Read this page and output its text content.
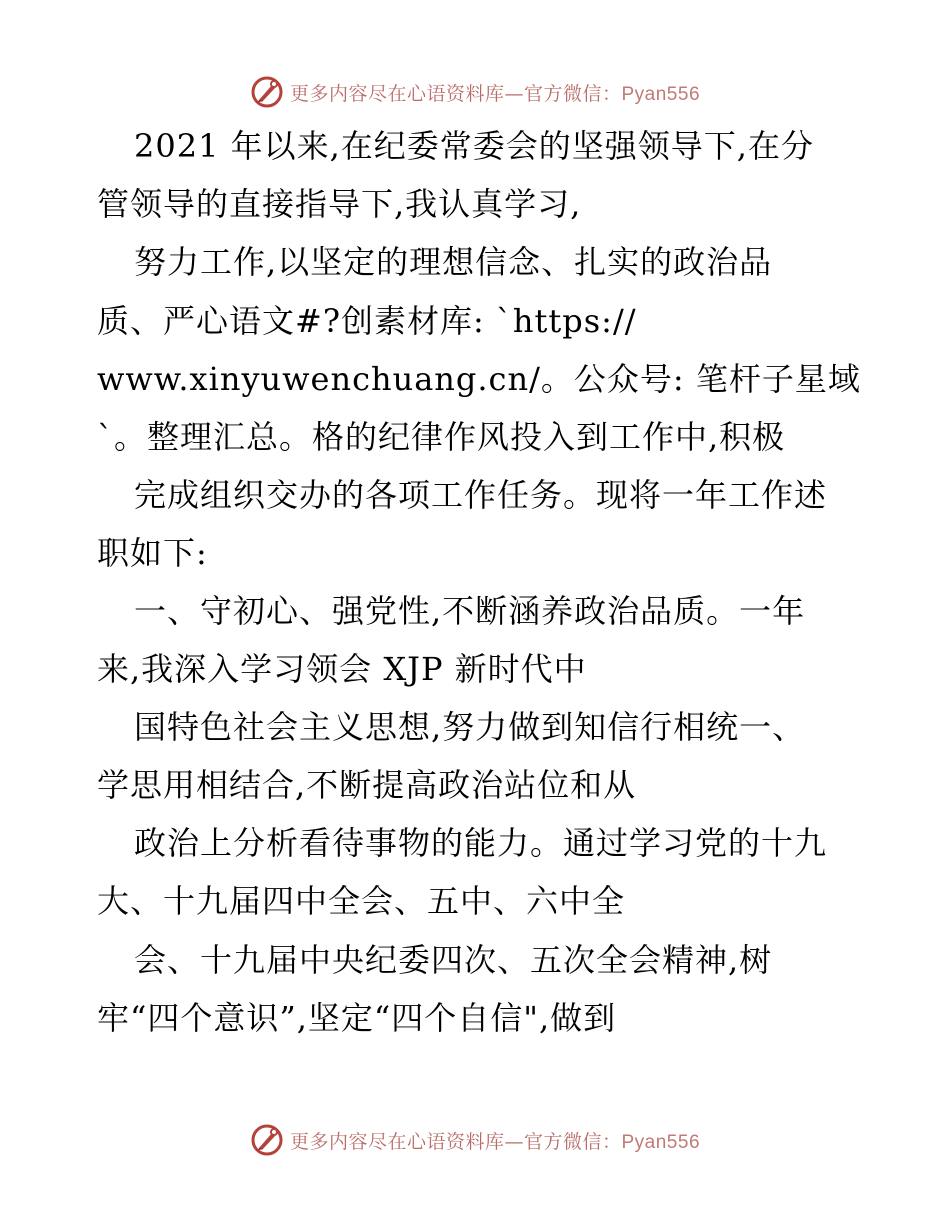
更多内容尽在心语资料库—官方微信：Pyan556
2021 年以来,在纪委常委会的坚强领导下,在分
管领导的直接指导下,我认真学习,
努力工作,以坚定的理想信念、扎实的政治品
质、严心语文#?创素材库: `https://
www.xinyuwenchuang.cn/。公众号: 笔杆子星域
`。整理汇总。格的纪律作风投入到工作中,积极
完成组织交办的各项工作任务。现将一年工作述
职如下:
一、守初心、强党性,不断涵养政治品质。一年
来,我深入学习领会 XJP 新时代中
国特色社会主义思想,努力做到知信行相统一、
学思用相结合,不断提高政治站位和从
政治上分析看待事物的能力。通过学习党的十九
大、十九届四中全会、五中、六中全
会、十九届中央纪委四次、五次全会精神,树
牢“四个意识”,坚定“四个自信",做到
更多内容尽在心语资料库—官方微信：Pyan556
